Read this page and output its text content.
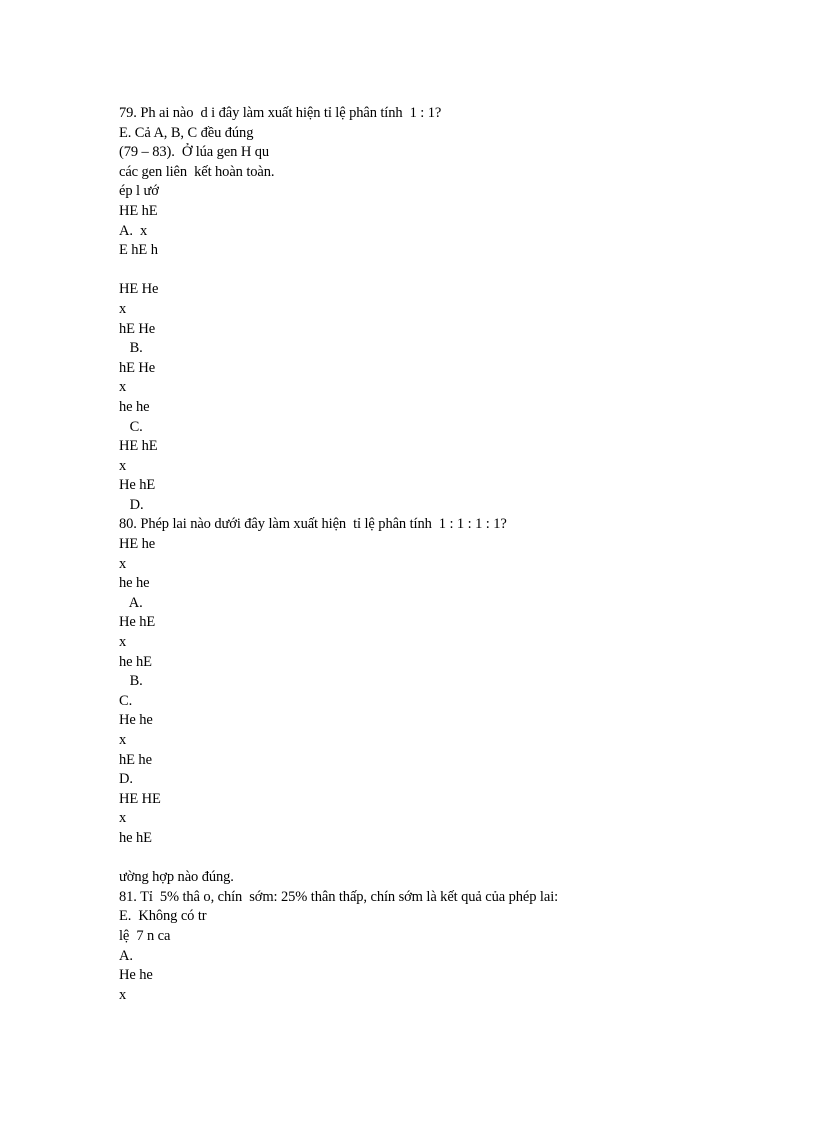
79. Ph ai nào  d i đây làm xuất hiện tỉ lệ phân tính  1 : 1?
E. Cả A, B, C đều đúng
(79 – 83).  Ở lúa gen H qu
các gen liên  kết hoàn toàn.
ép l ướ
HE hE
A.  x
E hE h
HE He
x
hE He
B.
hE He
x
he he
C.
HE hE
x
He hE
D.
80. Phép lai nào dưới đây làm xuất hiện  tỉ lệ phân tính  1 : 1 : 1 : 1?
HE he
x
he he
A.
He hE
x
he hE
B.
C.
He he
x
hE he
D.
HE HE
x
he hE
ường hợp nào đúng.
81. Tỉ  5% thâ o, chín  sớm: 25% thân thấp, chín sớm là kết quả của phép lai:
E.  Không có tr
lệ  7 n ca
A.
He he
x
